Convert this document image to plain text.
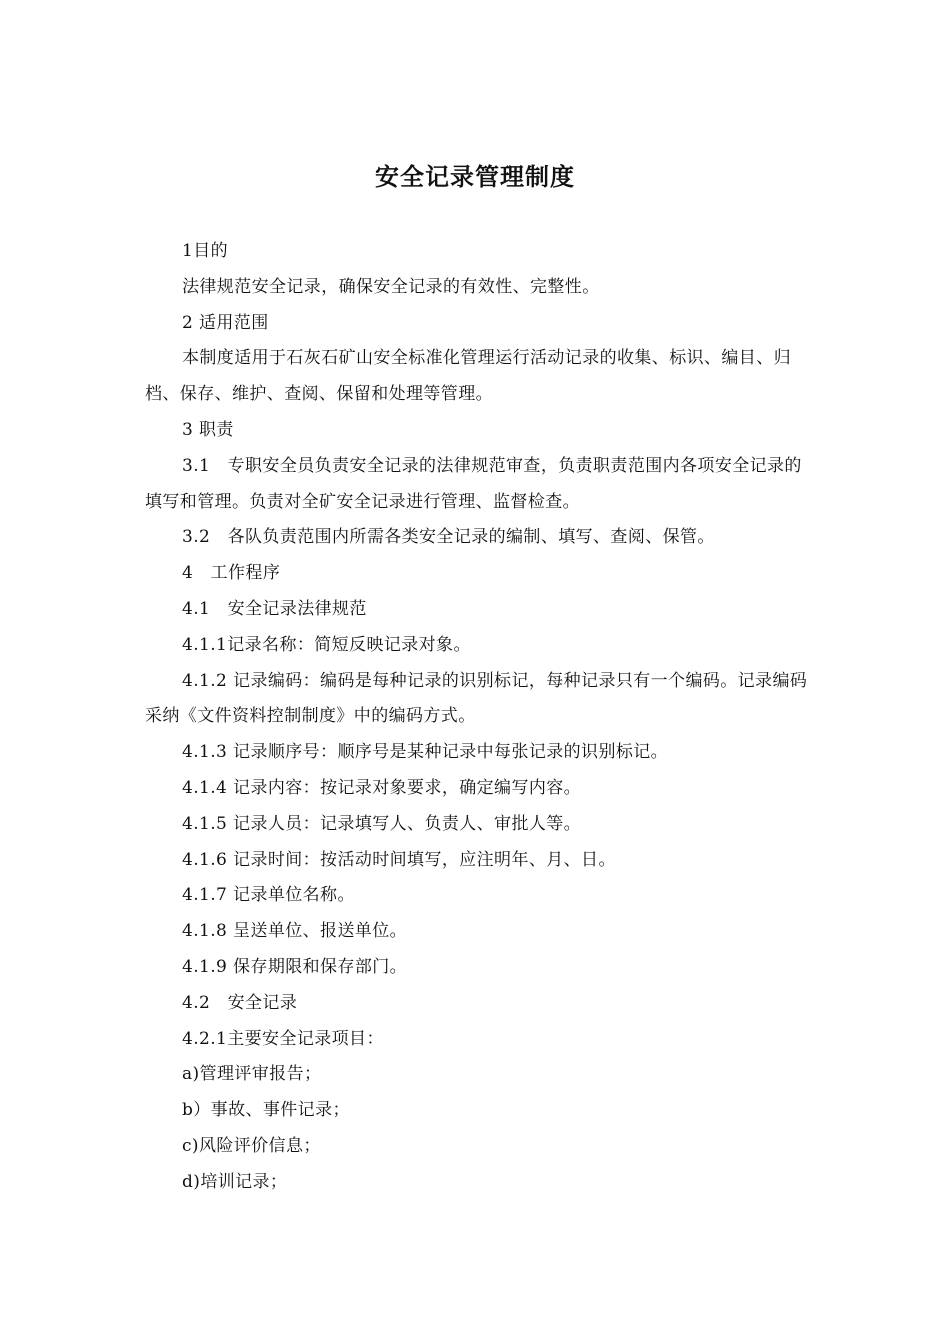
安全记录管理制度

1目的

法律规范安全记录，确保安全记录的有效性、完整性。

2 适用范围

本制度适用于石灰石矿山安全标准化管理运行活动记录的收集、标识、编目、归档、保存、维护、查阅、保留和处理等管理。

3 职责

3.1　专职安全员负责安全记录的法律规范审查，负责职责范围内各项安全记录的填写和管理。负责对全矿安全记录进行管理、监督检查。

3.2　各队负责范围内所需各类安全记录的编制、填写、查阅、保管。

4　工作程序

4.1　安全记录法律规范

4.1.1记录名称：简短反映记录对象。

4.1.2 记录编码：编码是每种记录的识别标记，每种记录只有一个编码。记录编码采纳《文件资料控制制度》中的编码方式。

4.1.3 记录顺序号：顺序号是某种记录中每张记录的识别标记。

4.1.4 记录内容：按记录对象要求，确定编写内容。

4.1.5 记录人员：记录填写人、负责人、审批人等。

4.1.6 记录时间：按活动时间填写，应注明年、月、日。

4.1.7 记录单位名称。

4.1.8 呈送单位、报送单位。

4.1.9 保存期限和保存部门。

4.2　安全记录

4.2.1主要安全记录项目：

a)管理评审报告；

b）事故、事件记录；

c)风险评价信息；

d)培训记录；
